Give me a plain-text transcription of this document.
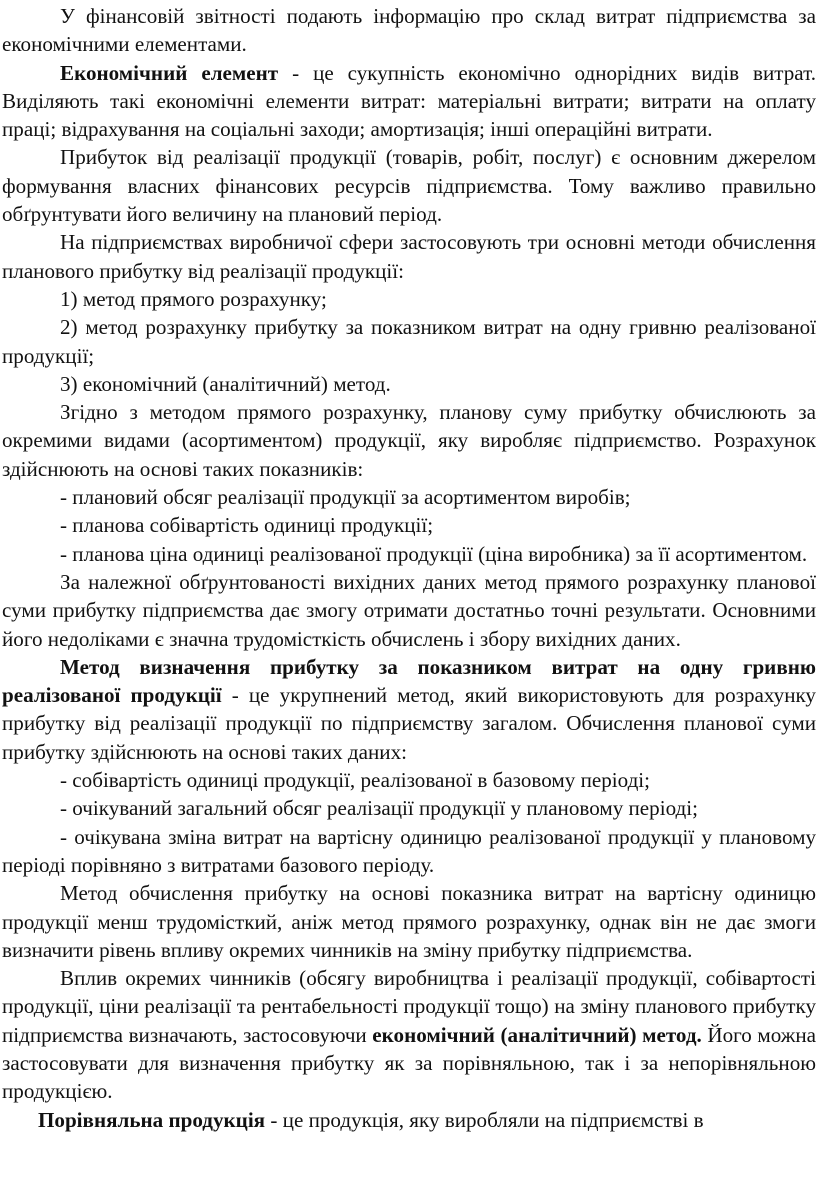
У фінансовій звітності подають інформацію про склад витрат підприємства за економічними елементами.

Економічний елемент - це сукупність економічно однорідних видів витрат. Виділяють такі економічні елементи витрат: матеріальні витрати; витрати на оплату праці; відрахування на соціальні заходи; амортизація; інші операційні витрати.

Прибуток від реалізації продукції (товарів, робіт, послуг) є основним джерелом формування власних фінансових ресурсів підприємства. Тому важливо правильно обґрунтувати його величину на плановий період.

На підприємствах виробничої сфери застосовують три основні методи обчислення планового прибутку від реалізації продукції:

1) метод прямого розрахунку;

2) метод розрахунку прибутку за показником витрат на одну гривню реалізованої продукції;

3) економічний (аналітичний) метод.

Згідно з методом прямого розрахунку, планову суму прибутку обчислюють за окремими видами (асортиментом) продукції, яку виробляє підприємство. Розрахунок здійснюють на основі таких показників:

- плановий обсяг реалізації продукції за асортиментом виробів;

- планова собівартість одиниці продукції;

- планова ціна одиниці реалізованої продукції (ціна виробника) за її асортиментом.

За належної обґрунтованості вихідних даних метод прямого розрахунку планової суми прибутку підприємства дає змогу отримати достатньо точні результати. Основними його недоліками є значна трудомісткість обчислень і збору вихідних даних.

Метод визначення прибутку за показником витрат на одну гривню реалізованої продукції - це укрупнений метод, який використовують для розрахунку прибутку від реалізації продукції по підприємству загалом. Обчислення планової суми прибутку здійснюють на основі таких даних:

- собівартість одиниці продукції, реалізованої в базовому періоді;

- очікуваний загальний обсяг реалізації продукції у плановому періоді;

- очікувана зміна витрат на вартісну одиницю реалізованої продукції у плановому періоді порівняно з витратами базового періоду.

Метод обчислення прибутку на основі показника витрат на вартісну одиницю продукції менш трудомісткий, аніж метод прямого розрахунку, однак він не дає змоги визначити рівень впливу окремих чинників на зміну прибутку підприємства.

Вплив окремих чинників (обсягу виробництва і реалізації продукції, собівартості продукції, ціни реалізації та рентабельності продукції тощо) на зміну планового прибутку підприємства визначають, застосовуючи економічний (аналітичний) метод. Його можна застосовувати для визначення прибутку як за порівняльною, так і за непорівняльною продукцією.

Порівняльна продукція - це продукція, яку виробляли на підприємстві в
